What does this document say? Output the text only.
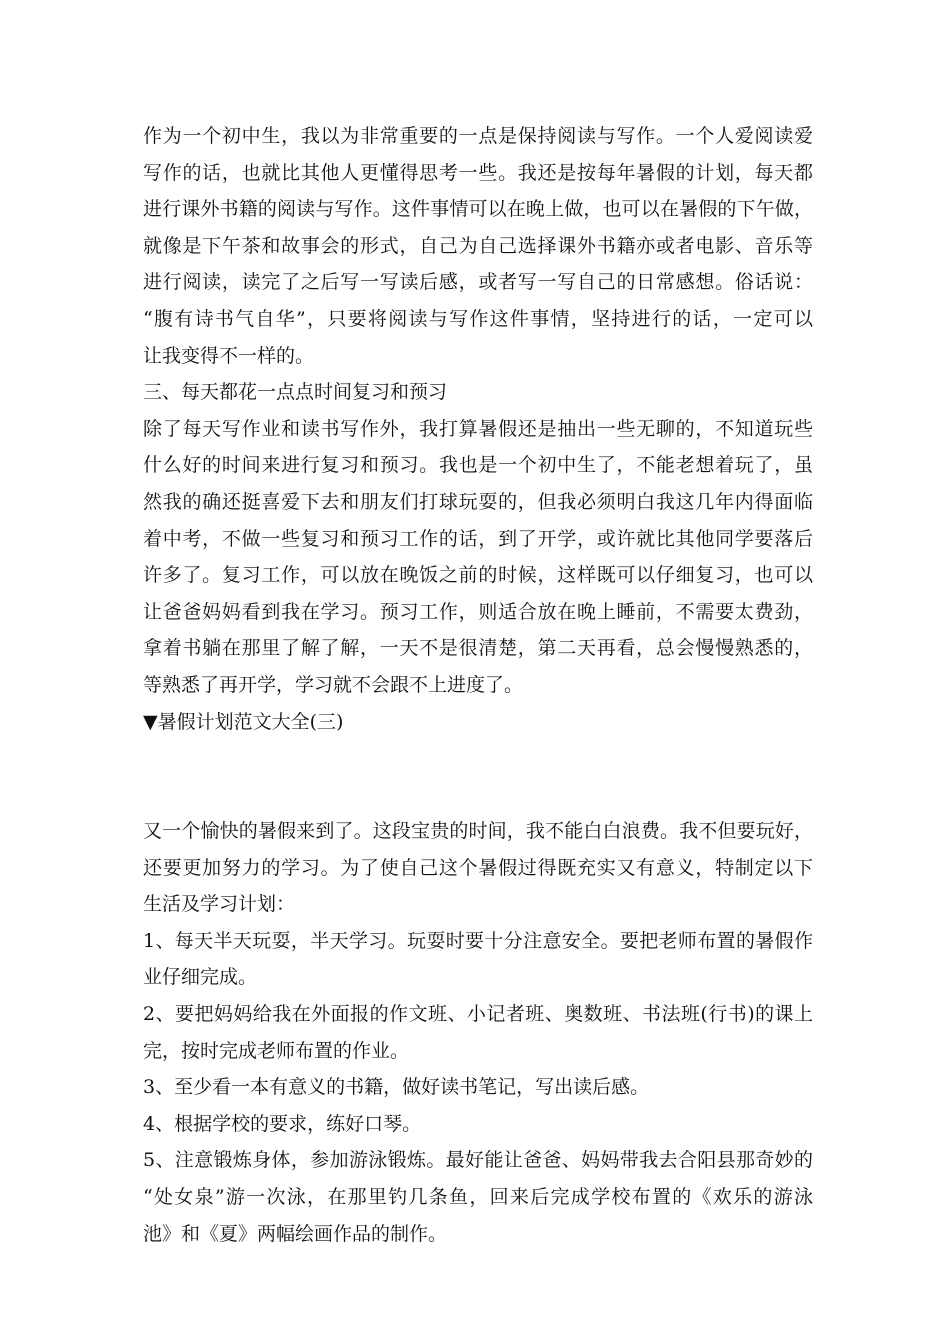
作为一个初中生，我以为非常重要的一点是保持阅读与写作。一个人爱阅读爱
写作的话，也就比其他人更懂得思考一些。我还是按每年暑假的计划，每天都
进行课外书籍的阅读与写作。这件事情可以在晚上做，也可以在暑假的下午做，
就像是下午茶和故事会的形式，自己为自己选择课外书籍亦或者电影、音乐等
进行阅读，读完了之后写一写读后感，或者写一写自己的日常感想。俗话说：
“腹有诗书气自华”，只要将阅读与写作这件事情，坚持进行的话，一定可以
让我变得不一样的。

三、每天都花一点点时间复习和预习

除了每天写作业和读书写作外，我打算暑假还是抽出一些无聊的，不知道玩些
什么好的时间来进行复习和预习。我也是一个初中生了，不能老想着玩了，虽
然我的确还挺喜爱下去和朋友们打球玩耍的，但我必须明白我这几年内得面临
着中考，不做一些复习和预习工作的话，到了开学，或许就比其他同学要落后
许多了。复习工作，可以放在晚饭之前的时候，这样既可以仔细复习，也可以
让爸爸妈妈看到我在学习。预习工作，则适合放在晚上睡前，不需要太费劲，
拿着书躺在那里了解了解，一天不是很清楚，第二天再看，总会慢慢熟悉的，
等熟悉了再开学，学习就不会跟不上进度了。

▼暑假计划范文大全(三)

又一个愉快的暑假来到了。这段宝贵的时间，我不能白白浪费。我不但要玩好，
还要更加努力的学习。为了使自己这个暑假过得既充实又有意义，特制定以下
生活及学习计划：

1、每天半天玩耍，半天学习。玩耍时要十分注意安全。要把老师布置的暑假作
业仔细完成。

2、要把妈妈给我在外面报的作文班、小记者班、奥数班、书法班(行书)的课上
完，按时完成老师布置的作业。

3、至少看一本有意义的书籍，做好读书笔记，写出读后感。

4、根据学校的要求，练好口琴。

5、注意锻炼身体，参加游泳锻炼。最好能让爸爸、妈妈带我去合阳县那奇妙的
“处女泉”游一次泳，在那里钓几条鱼，回来后完成学校布置的《欢乐的游泳
池》和《夏》两幅绘画作品的制作。
